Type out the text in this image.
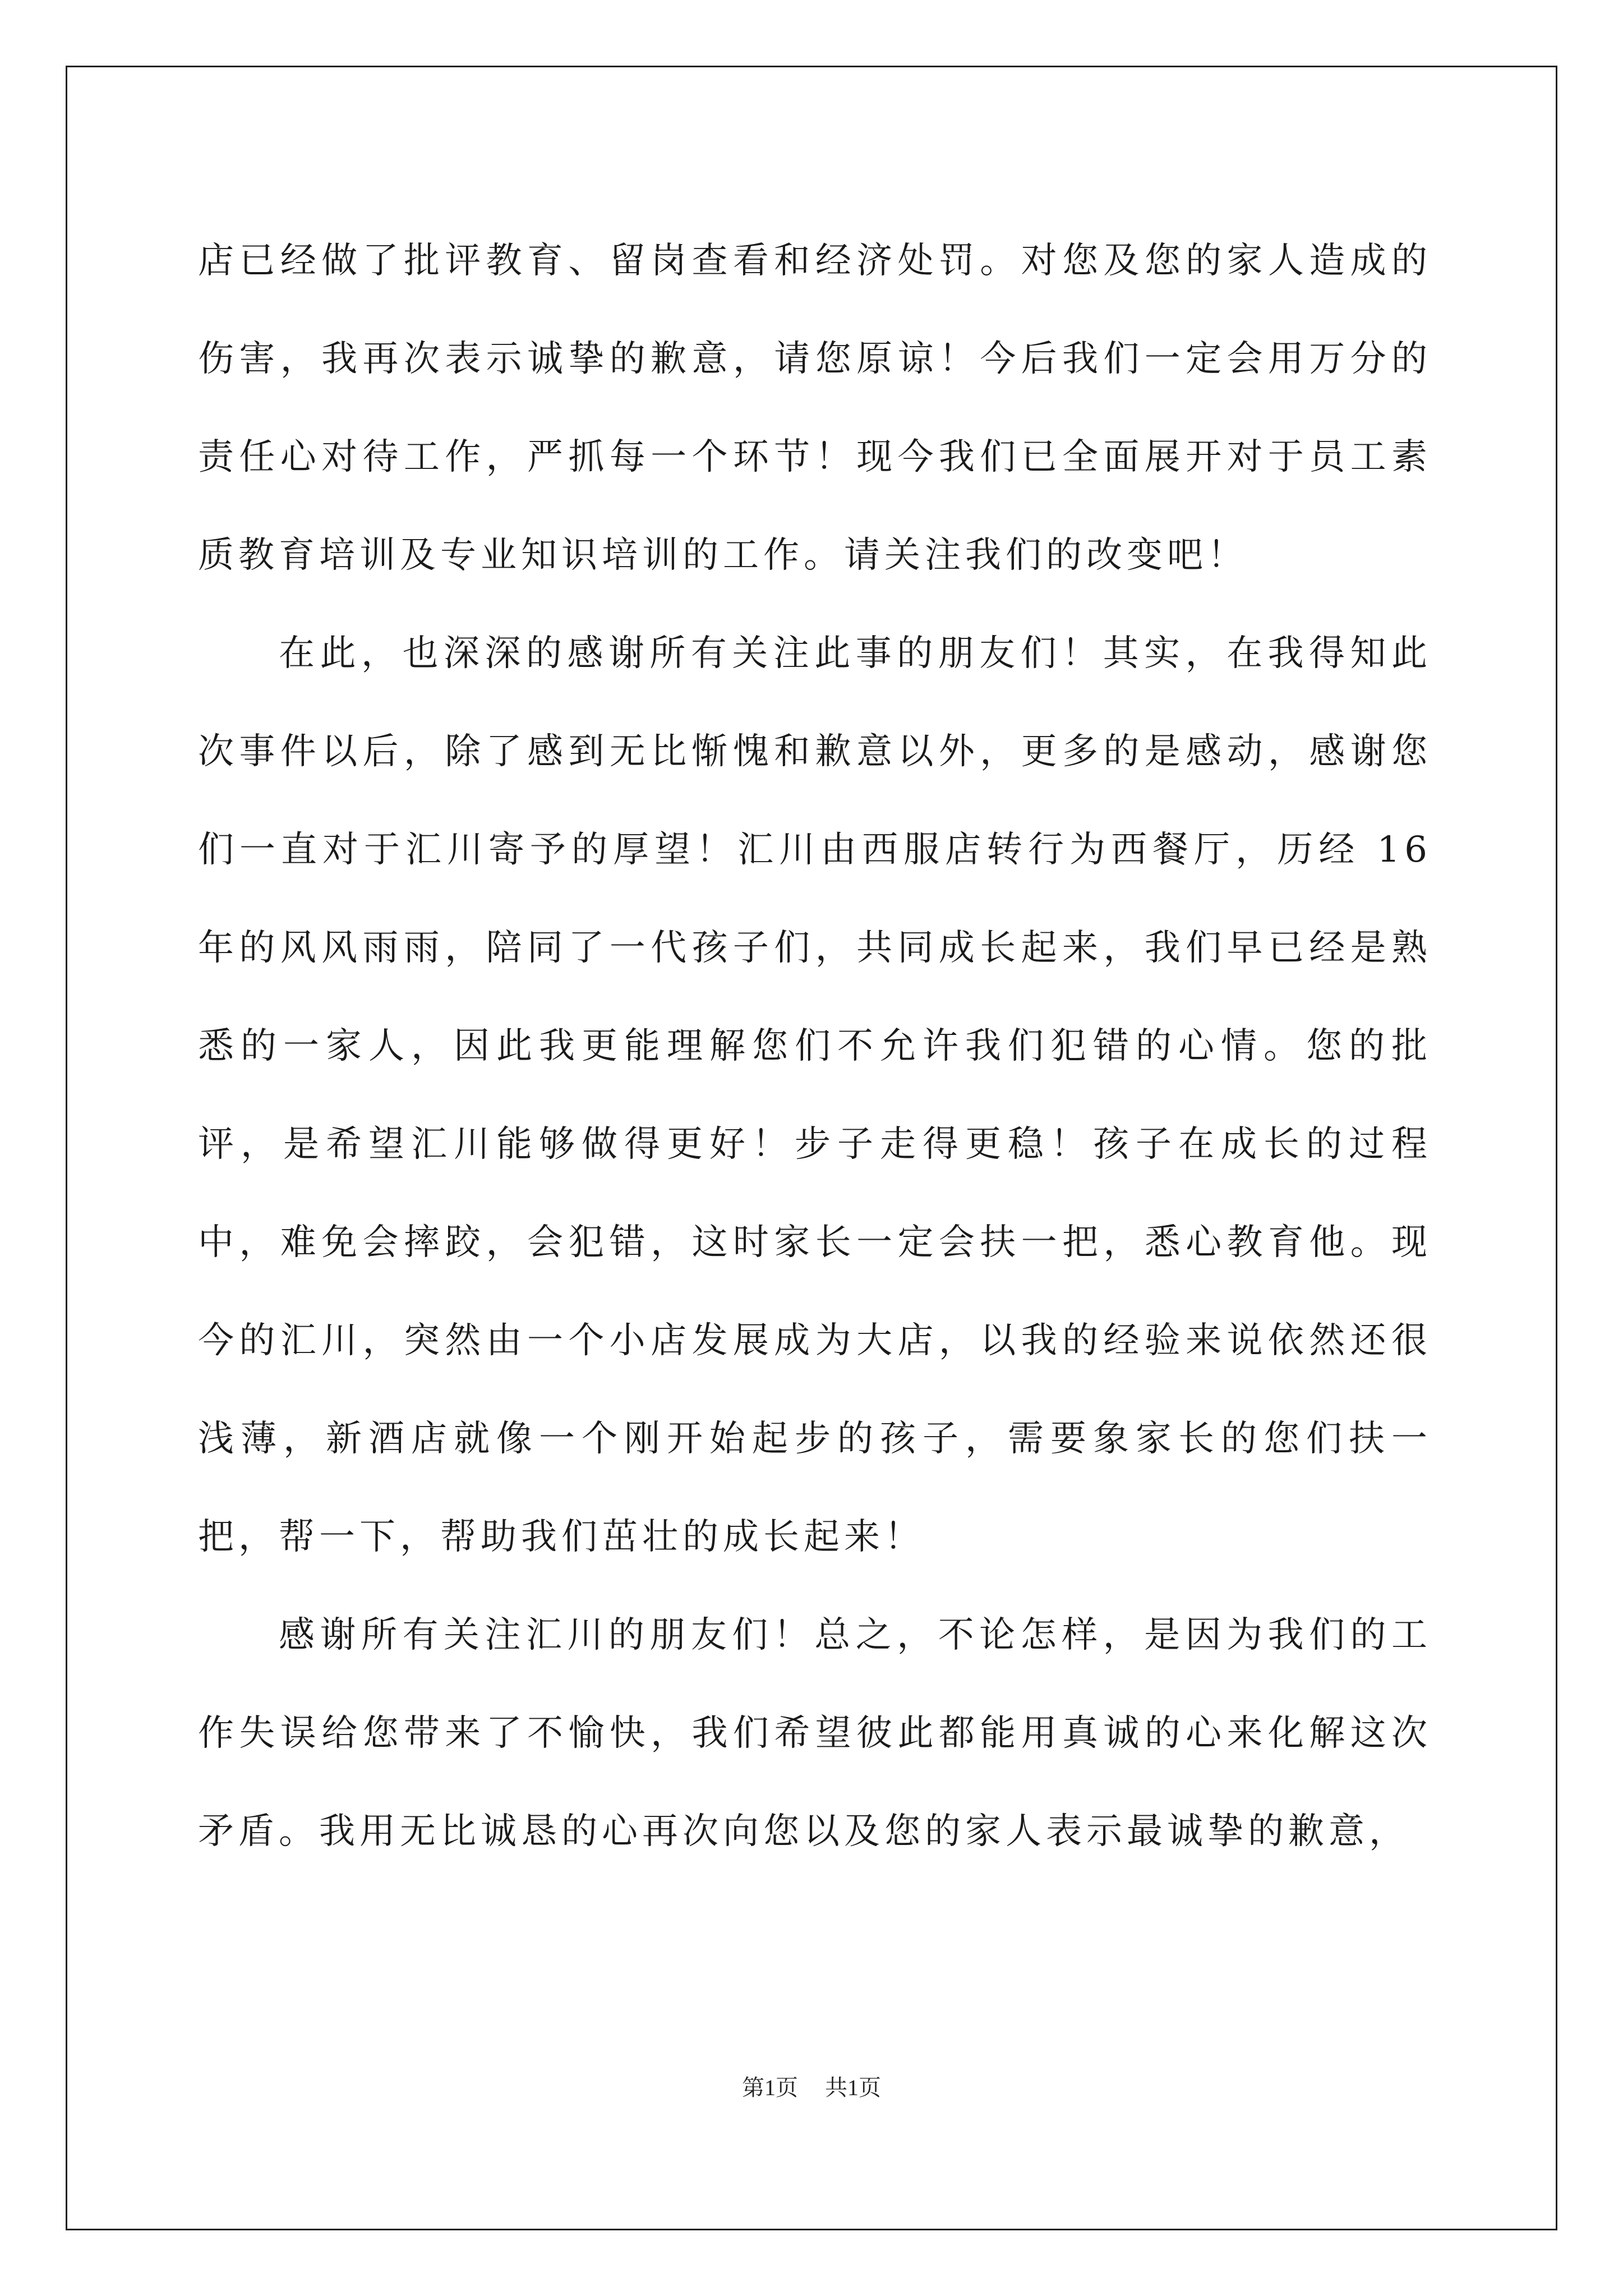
店已经做了批评教育、留岗查看和经济处罚。对您及您的家人造成的伤害，我再次表示诚挚的歉意，请您原谅！今后我们一定会用万分的责任心对待工作，严抓每一个环节！现今我们已全面展开对于员工素质教育培训及专业知识培训的工作。请关注我们的改变吧！

在此，也深深的感谢所有关注此事的朋友们！其实，在我得知此次事件以后，除了感到无比惭愧和歉意以外，更多的是感动，感谢您们一直对于汇川寄予的厚望！汇川由西服店转行为西餐厅，历经 16 年的风风雨雨，陪同了一代孩子们，共同成长起来，我们早已经是熟悉的一家人，因此我更能理解您们不允许我们犯错的心情。您的批评，是希望汇川能够做得更好！步子走得更稳！孩子在成长的过程中，难免会摔跤，会犯错，这时家长一定会扶一把，悉心教育他。现今的汇川，突然由一个小店发展成为大店，以我的经验来说依然还很浅薄，新酒店就像一个刚开始起步的孩子，需要象家长的您们扶一把，帮一下，帮助我们茁壮的成长起来！

感谢所有关注汇川的朋友们！总之，不论怎样，是因为我们的工作失误给您带来了不愉快，我们希望彼此都能用真诚的心来化解这次矛盾。我用无比诚恳的心再次向您以及您的家人表示最诚挚的歉意，

第1页 共1页
